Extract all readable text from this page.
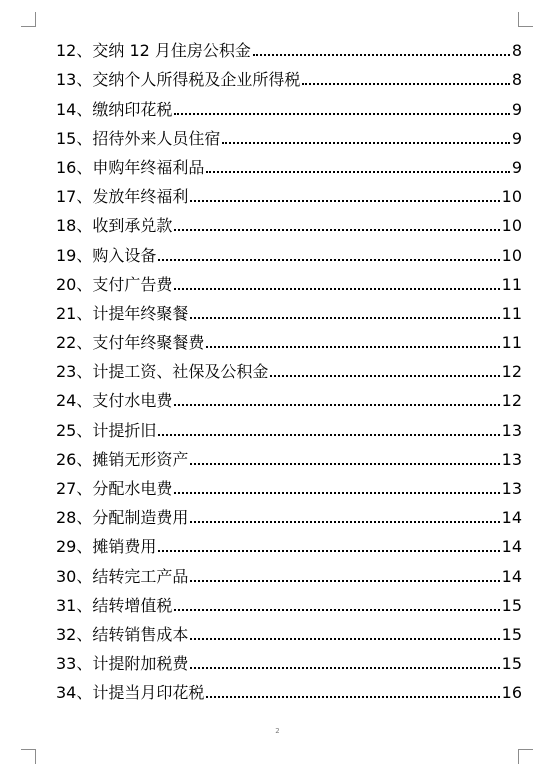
12、交纳 12 月住房公积金	8
13、交纳个人所得税及企业所得税	8
14、缴纳印花税	9
15、招待外来人员住宿	9
16、申购年终福利品	9
17、发放年终福利	10
18、收到承兑款	10
19、购入设备	10
20、支付广告费	11
21、计提年终聚餐	11
22、支付年终聚餐费	11
23、计提工资、社保及公积金	12
24、支付水电费	12
25、计提折旧	13
26、摊销无形资产	13
27、分配水电费	13
28、分配制造费用	14
29、摊销费用	14
30、结转完工产品	14
31、结转增值税	15
32、结转销售成本	15
33、计提附加税费	15
34、计提当月印花税	16
2
